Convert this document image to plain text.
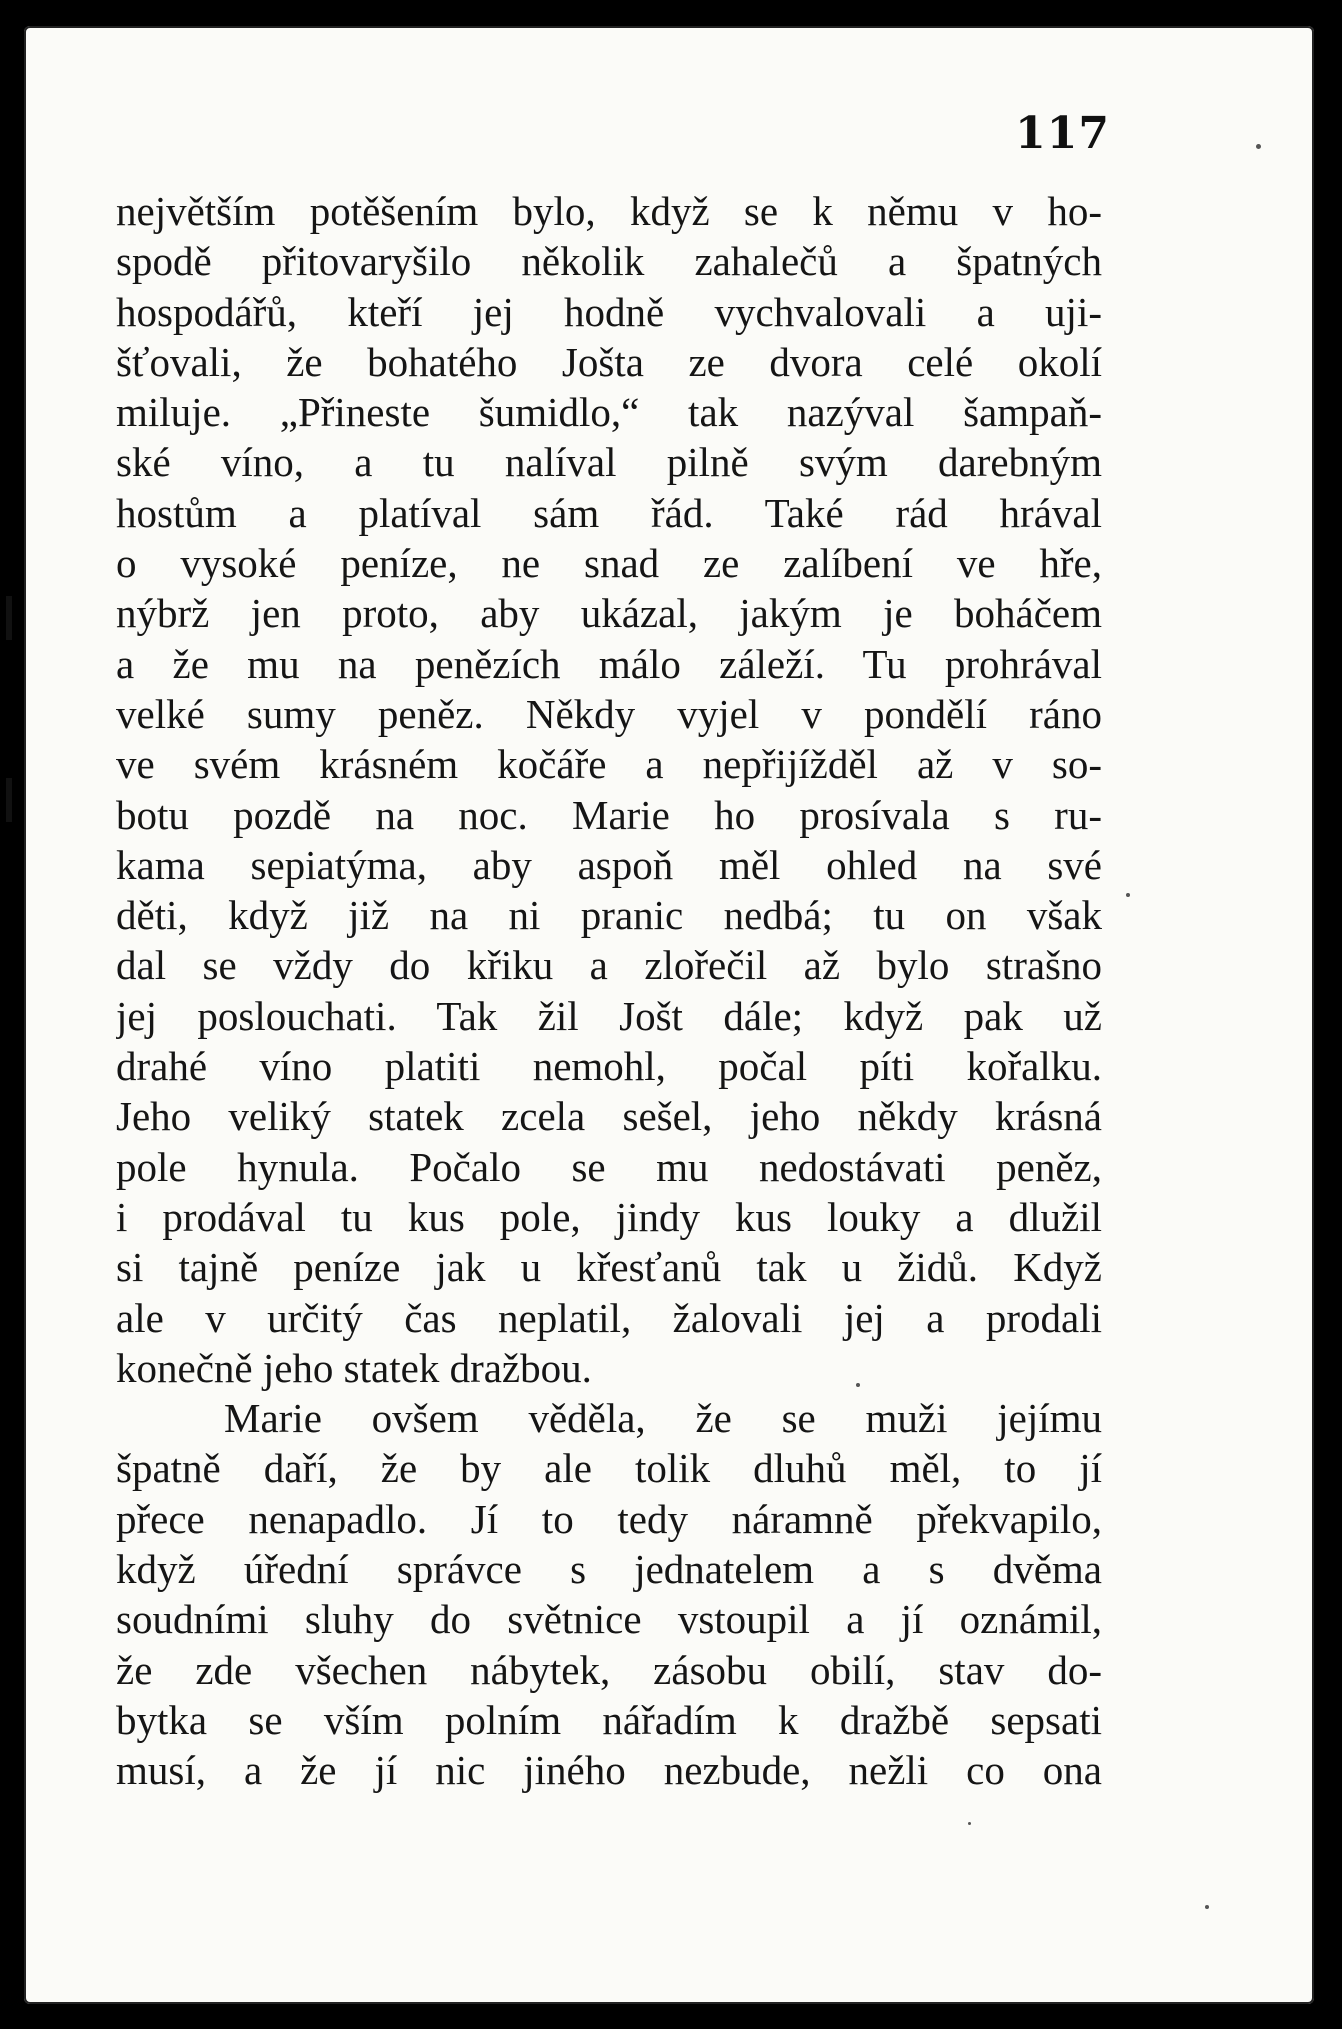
117
největším potěšením bylo, když se k němu v ho-
spodě přitovaryšilo několik zahalečů a špatných
hospodářů, kteří jej hodně vychvalovali a uji-
šťovali, že bohatého Jošta ze dvora celé okolí
miluje. „Přineste šumidlo,“ tak nazýval šampaň-
ské víno, a tu nalíval pilně svým darebným
hostům a platíval sám řád. Také rád hrával
o vysoké peníze, ne snad ze zalíbení ve hře,
nýbrž jen proto, aby ukázal, jakým je boháčem
a že mu na penězích málo záleží. Tu prohrával
velké sumy peněz. Někdy vyjel v pondělí ráno
ve svém krásném kočáře a nepřijížděl až v so-
botu pozdě na noc. Marie ho prosívala s ru-
kama sepiatýma, aby aspoň měl ohled na své
děti, když již na ni pranic nedbá; tu on však
dal se vždy do křiku a zlořečil až bylo strašno
jej poslouchati. Tak žil Jošt dále; když pak už
drahé víno platiti nemohl, počal píti kořalku.
Jeho veliký statek zcela sešel, jeho někdy krásná
pole hynula. Počalo se mu nedostávati peněz,
i prodával tu kus pole, jindy kus louky a dlužil
si tajně peníze jak u křesťanů tak u židů. Když
ale v určitý čas neplatil, žalovali jej a prodali
konečně jeho statek dražbou.
Marie ovšem věděla, že se muži jejímu
špatně daří, že by ale tolik dluhů měl, to jí
přece nenapadlo. Jí to tedy náramně překvapilo,
když úřední správce s jednatelem a s dvěma
soudními sluhy do světnice vstoupil a jí oznámil,
že zde všechen nábytek, zásobu obilí, stav do-
bytka se vším polním nářadím k dražbě sepsati
musí, a že jí nic jiného nezbude, nežli co ona
